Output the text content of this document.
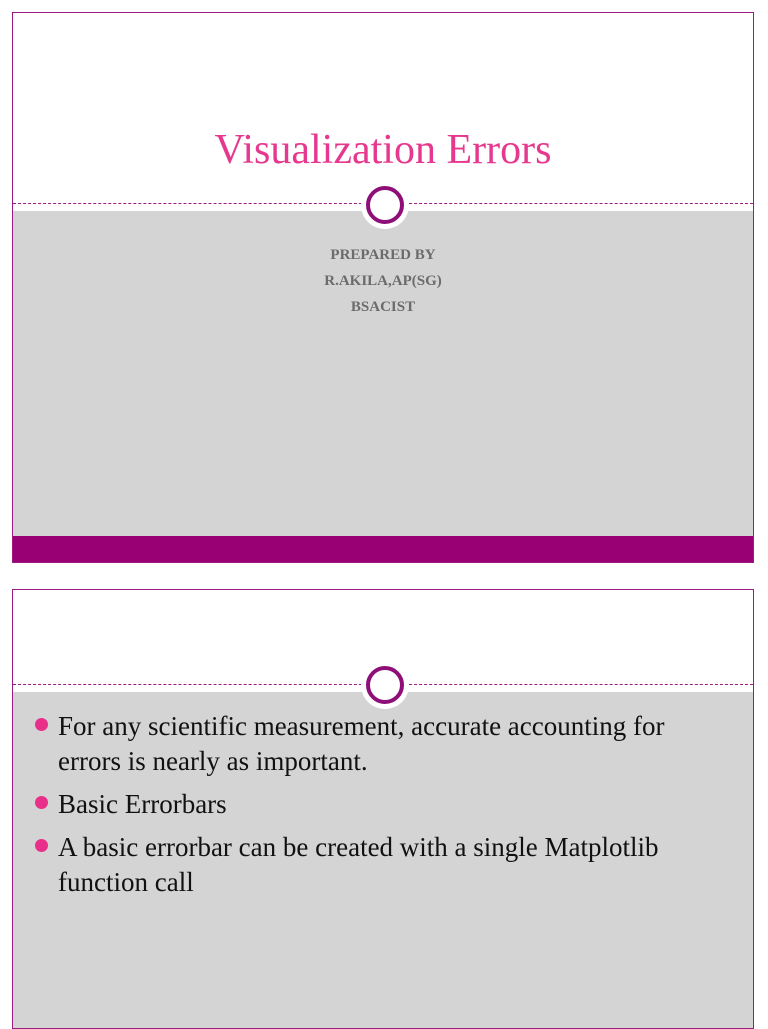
Visualization Errors
PREPARED BY
R.AKILA,AP(SG)
BSACIST
For any scientific measurement, accurate accounting for errors is nearly as important.
Basic Errorbars
A basic errorbar can be created with a single Matplotlib function call
